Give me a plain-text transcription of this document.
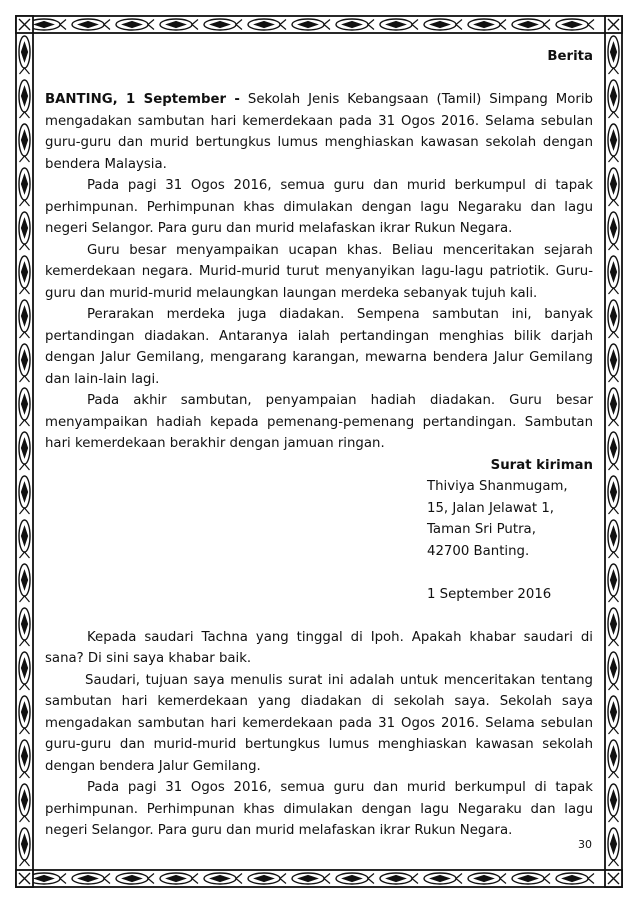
Berita

BANTING, 1 September - Sekolah Jenis Kebangsaan (Tamil) Simpang Morib mengadakan sambutan hari kemerdekaan pada 31 Ogos 2016. Selama sebulan guru-guru dan murid bertungkus lumus menghiaskan kawasan sekolah dengan bendera Malaysia.

Pada pagi 31 Ogos 2016, semua guru dan murid berkumpul di tapak perhimpunan. Perhimpunan khas dimulakan dengan lagu Negaraku dan lagu negeri Selangor. Para guru dan murid melafaskan ikrar Rukun Negara.

Guru besar menyampaikan ucapan khas. Beliau menceritakan sejarah kemerdekaan negara. Murid-murid turut menyanyikan lagu-lagu patriotik. Guru-guru dan murid-murid melaungkan laungan merdeka sebanyak tujuh kali.

Perarakan merdeka juga diadakan. Sempena sambutan ini, banyak pertandingan diadakan. Antaranya ialah pertandingan menghias bilik darjah dengan Jalur Gemilang, mengarang karangan, mewarna bendera Jalur Gemilang dan lain-lain lagi.

Pada akhir sambutan, penyampaian hadiah diadakan. Guru besar menyampaikan hadiah kepada pemenang-pemenang pertandingan. Sambutan hari kemerdekaan berakhir dengan jamuan ringan.

Surat kiriman
Thiviya Shanmugam,
15, Jalan Jelawat 1,
Taman Sri Putra,
42700 Banting.
1 September 2016

Kepada saudari Tachna yang tinggal di Ipoh. Apakah khabar saudari di sana? Di sini saya khabar baik.

Saudari, tujuan saya menulis surat ini adalah untuk menceritakan tentang sambutan hari kemerdekaan yang diadakan di sekolah saya. Sekolah saya mengadakan sambutan hari kemerdekaan pada 31 Ogos 2016. Selama sebulan guru-guru dan murid-murid bertungkus lumus menghiaskan kawasan sekolah dengan bendera Jalur Gemilang.

Pada pagi 31 Ogos 2016, semua guru dan murid berkumpul di tapak perhimpunan. Perhimpunan khas dimulakan dengan lagu Negaraku dan lagu negeri Selangor. Para guru dan murid melafaskan ikrar Rukun Negara.

30
